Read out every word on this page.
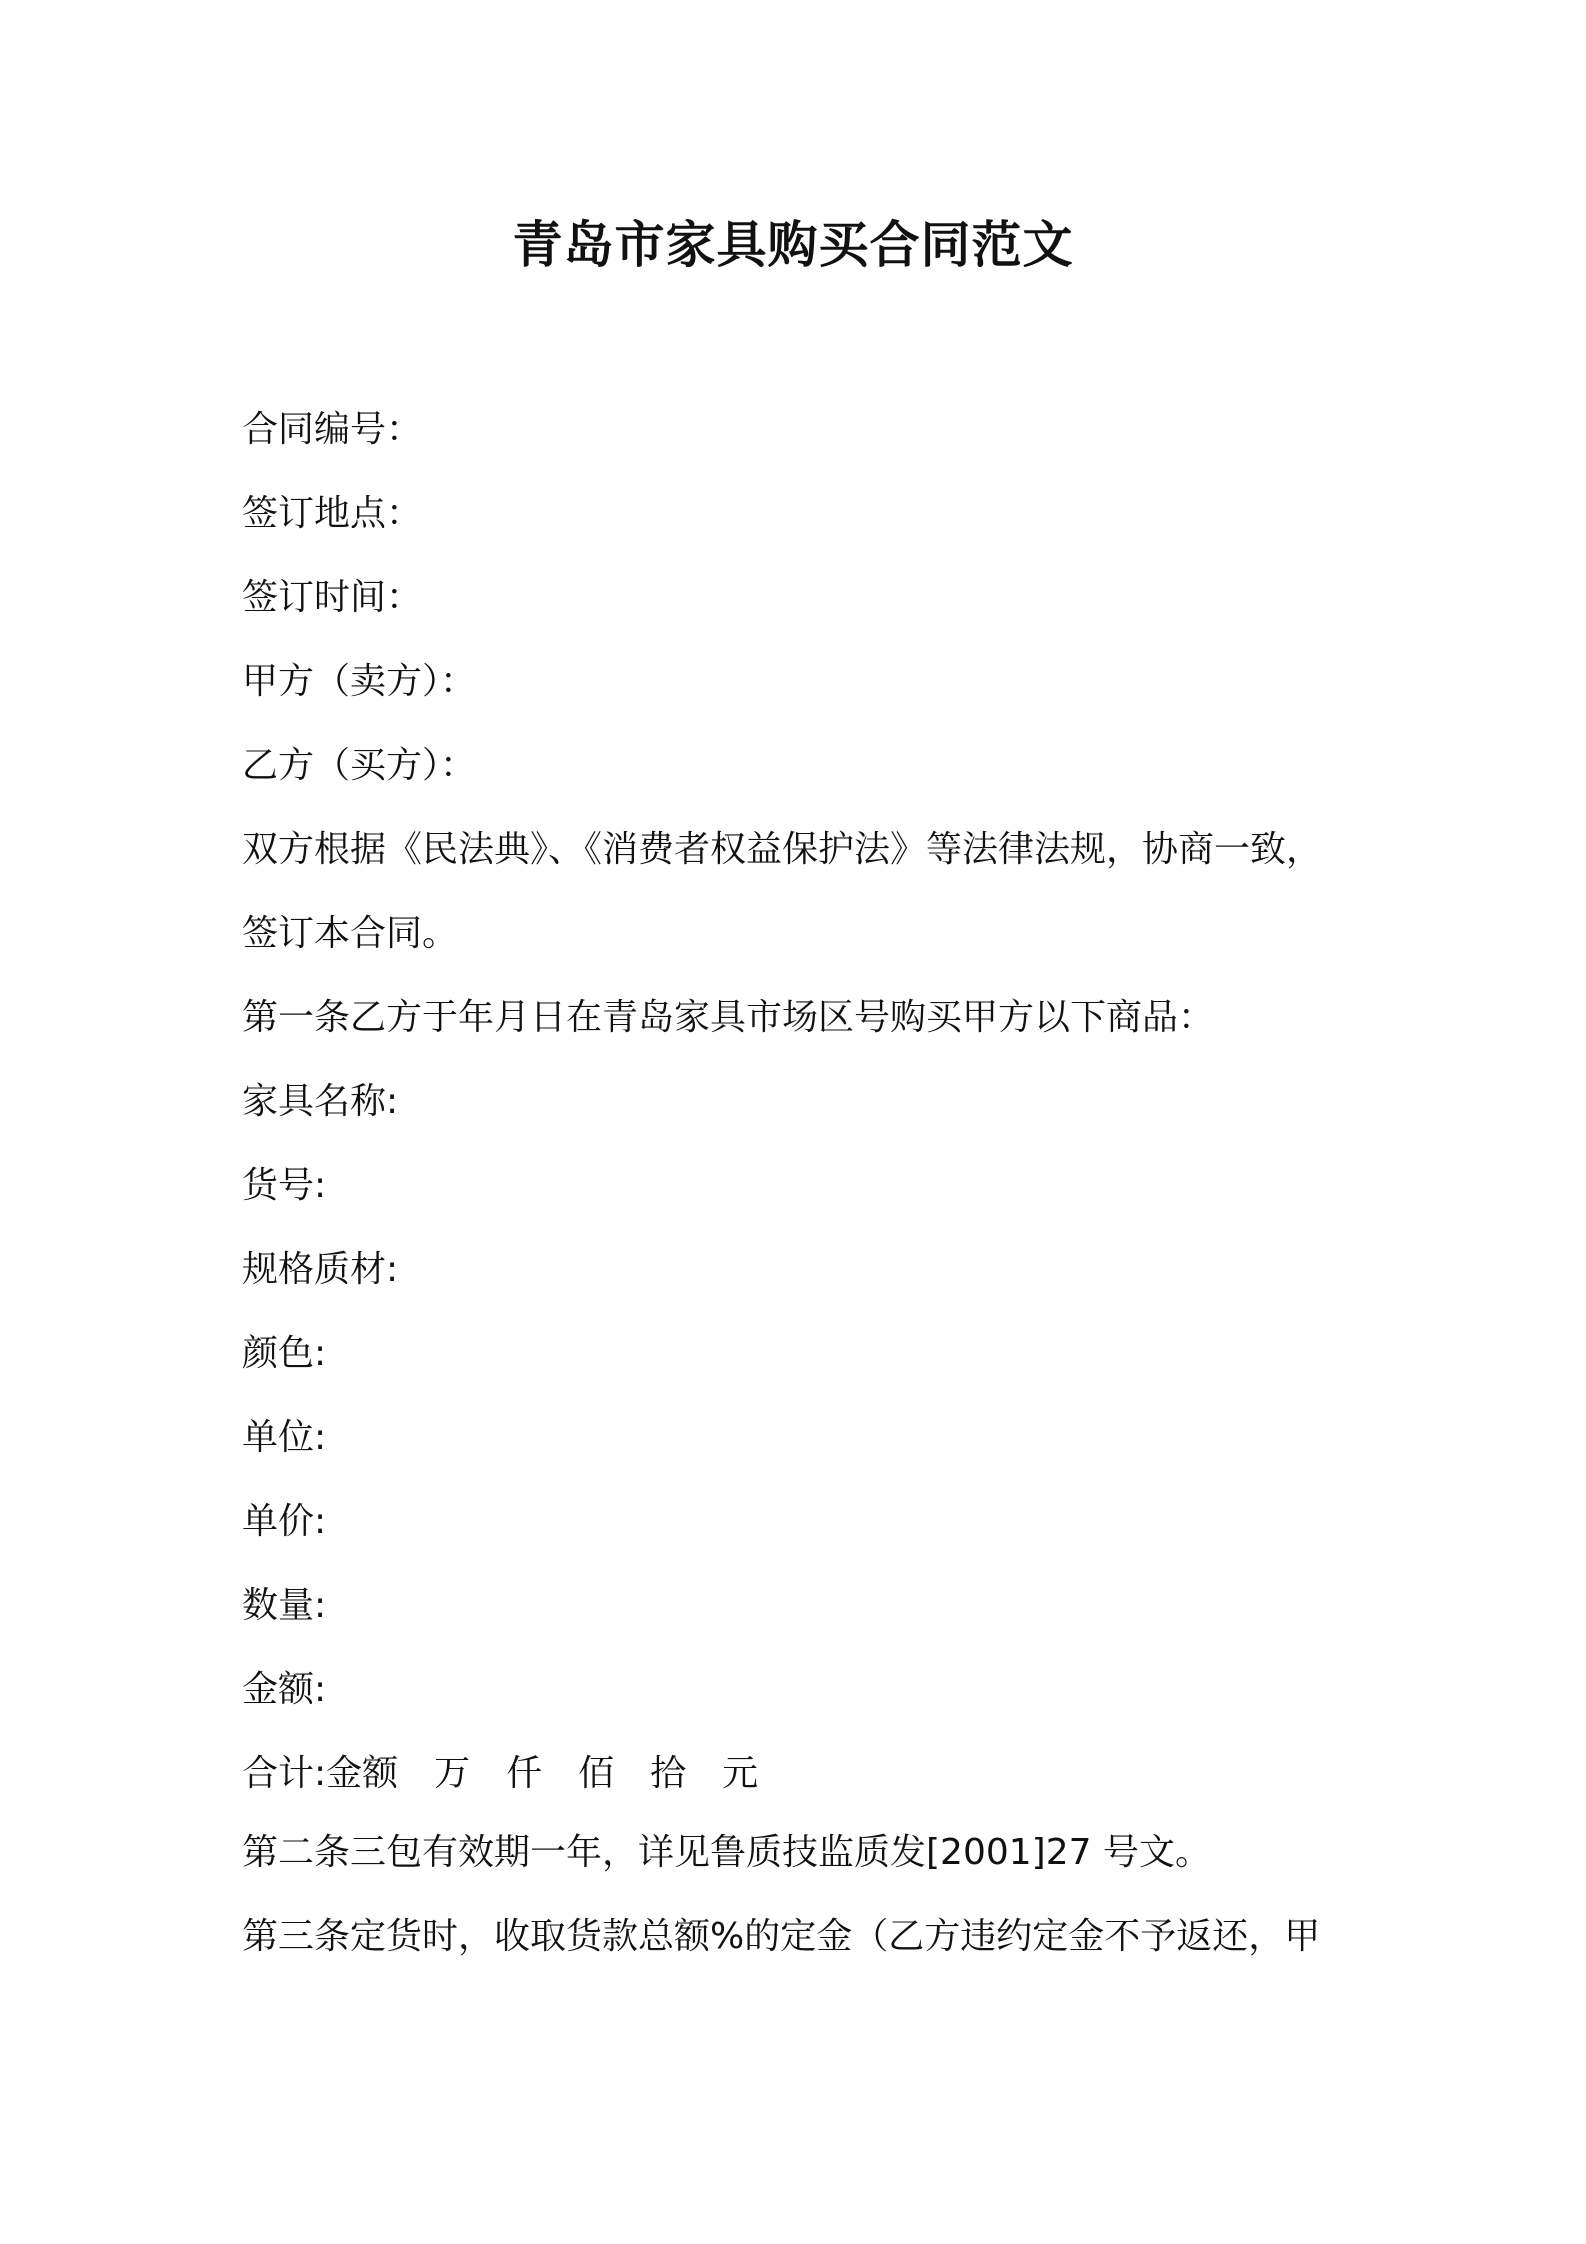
青岛市家具购买合同范文

合同编号：

签订地点：

签订时间：

甲方（卖方）：

乙方（买方）：

双方根据《民法典》、《消费者权益保护法》等法律法规，协商一致，

签订本合同。

第一条乙方于年月日在青岛家具市场区号购买甲方以下商品：

家具名称:

货号:

规格质材:

颜色:

单位:

单价:

数量:

金额:

合计:金额　万　仟　佰　拾　元

第二条三包有效期一年，详见鲁质技监质发[2001]27 号文。

第三条定货时，收取货款总额%的定金（乙方违约定金不予返还，甲
